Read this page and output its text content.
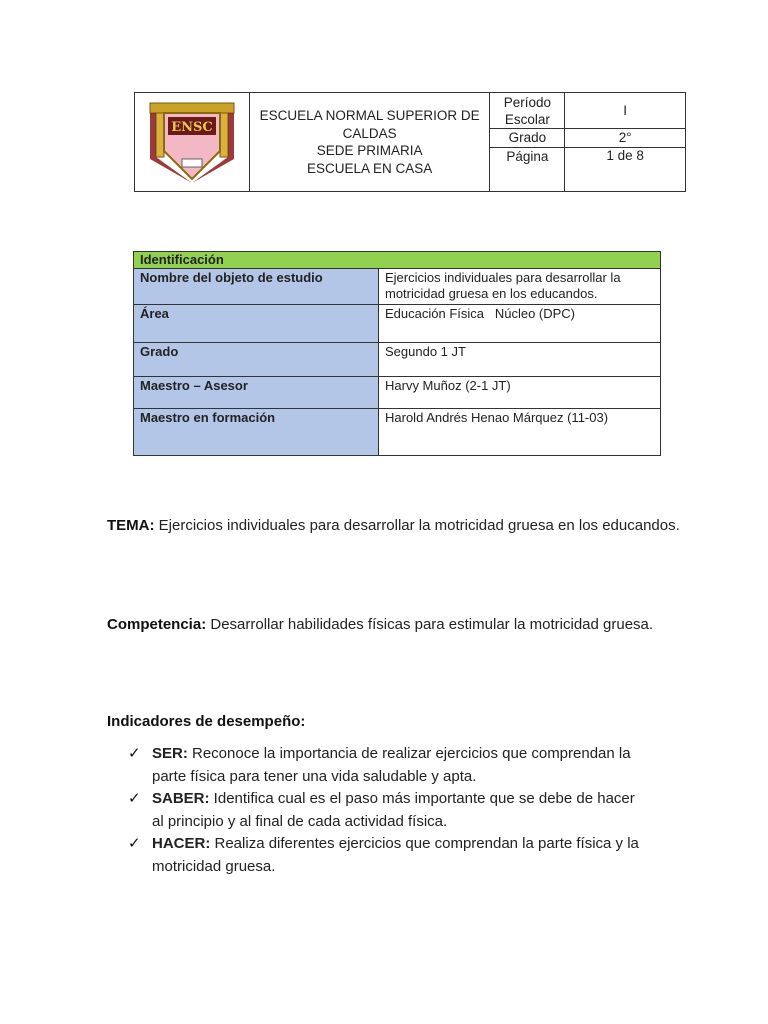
ENSC	ESCUELA NORMAL SUPERIOR DE
CALDAS
SEDE PRIMARIA
ESCUELA EN CASA	Período Escolar	I
		Grado	2°
		Página	1 de 8
Identificación	
Nombre del objeto de estudio	Ejercicios individuales para desarrollar la motricidad gruesa en los educandos.
Área	Educación Física   Núcleo (DPC)
Grado	Segundo 1 JT
Maestro – Asesor	Harvy Muñoz (2-1 JT)
Maestro en formación	Harold Andrés Henao Márquez (11-03)
TEMA: Ejercicios individuales para desarrollar la motricidad gruesa en los educandos.
Competencia: Desarrollar habilidades físicas para estimular la motricidad gruesa.
Indicadores de desempeño:
✓ SER: Reconoce la importancia de realizar ejercicios que comprendan la parte física para tener una vida saludable y apta.
✓ SABER: Identifica cual es el paso más importante que se debe de hacer al principio y al final de cada actividad física.
✓ HACER: Realiza diferentes ejercicios que comprendan la parte física y la motricidad gruesa.
